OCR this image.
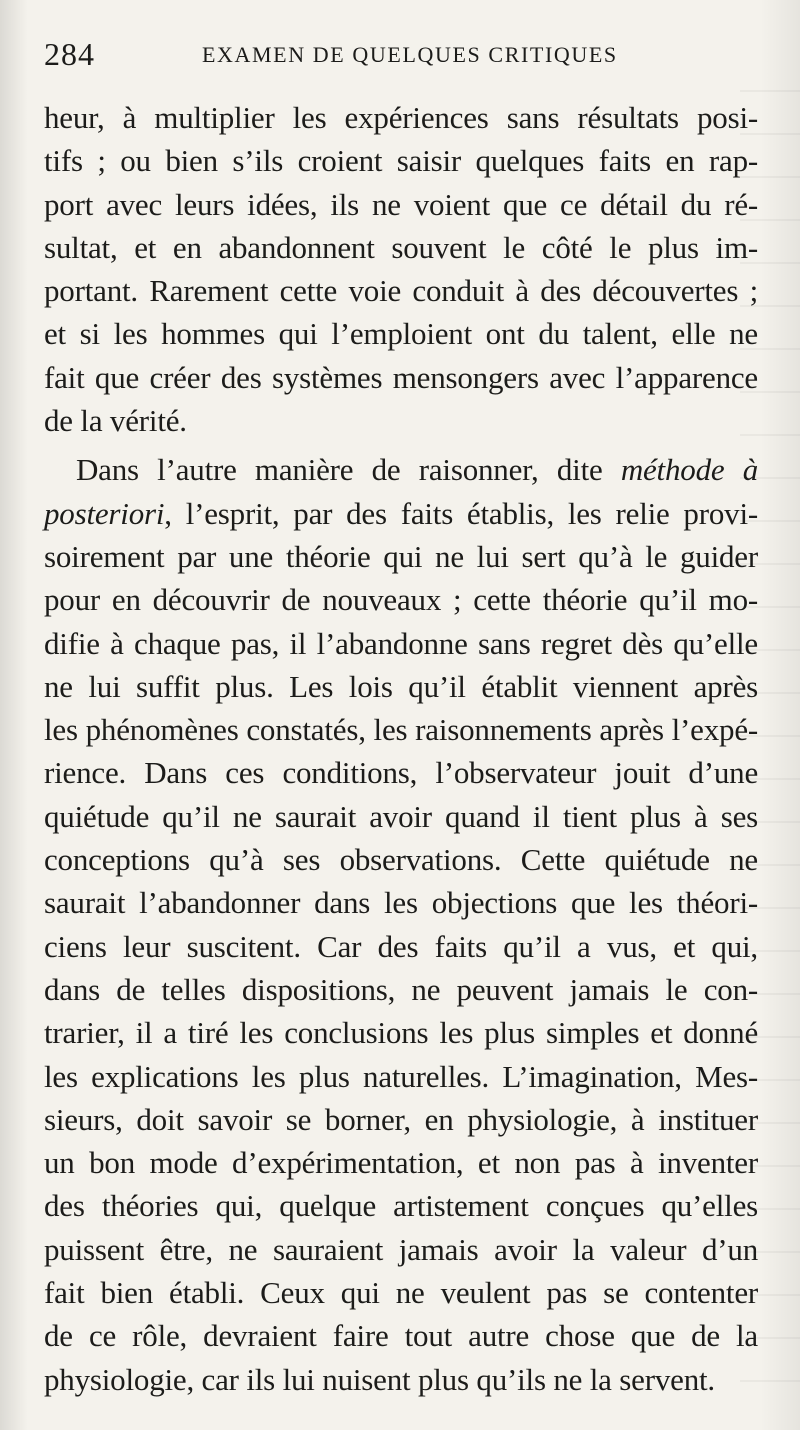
284	EXAMEN DE QUELQUES CRITIQUES
heur, à multiplier les expériences sans résultats posi-
tifs ; ou bien s’ils croient saisir quelques faits en rap-
port avec leurs idées, ils ne voient que ce détail du ré-
sultat, et en abandonnent souvent le côté le plus im-
portant. Rarement cette voie conduit à des découvertes ;
et si les hommes qui l’emploient ont du talent, elle ne
fait que créer des systèmes mensongers avec l’apparence
de la vérité.
Dans l’autre manière de raisonner, dite méthode à
posteriori, l’esprit, par des faits établis, les relie provi-
soirement par une théorie qui ne lui sert qu’à le guider
pour en découvrir de nouveaux ; cette théorie qu’il mo-
difie à chaque pas, il l’abandonne sans regret dès qu’elle
ne lui suffit plus. Les lois qu’il établit viennent après
les phénomènes constatés, les raisonnements après l’expé-
rience. Dans ces conditions, l’observateur jouit d’une
quiétude qu’il ne saurait avoir quand il tient plus à ses
conceptions qu’à ses observations. Cette quiétude ne
saurait l’abandonner dans les objections que les théori-
ciens leur suscitent. Car des faits qu’il a vus, et qui,
dans de telles dispositions, ne peuvent jamais le con-
trarier, il a tiré les conclusions les plus simples et donné
les explications les plus naturelles. L’imagination, Mes-
sieurs, doit savoir se borner, en physiologie, à instituer
un bon mode d’expérimentation, et non pas à inventer
des théories qui, quelque artistement conçues qu’elles
puissent être, ne sauraient jamais avoir la valeur d’un
fait bien établi. Ceux qui ne veulent pas se contenter
de ce rôle, devraient faire tout autre chose que de la
physiologie, car ils lui nuisent plus qu’ils ne la servent.
